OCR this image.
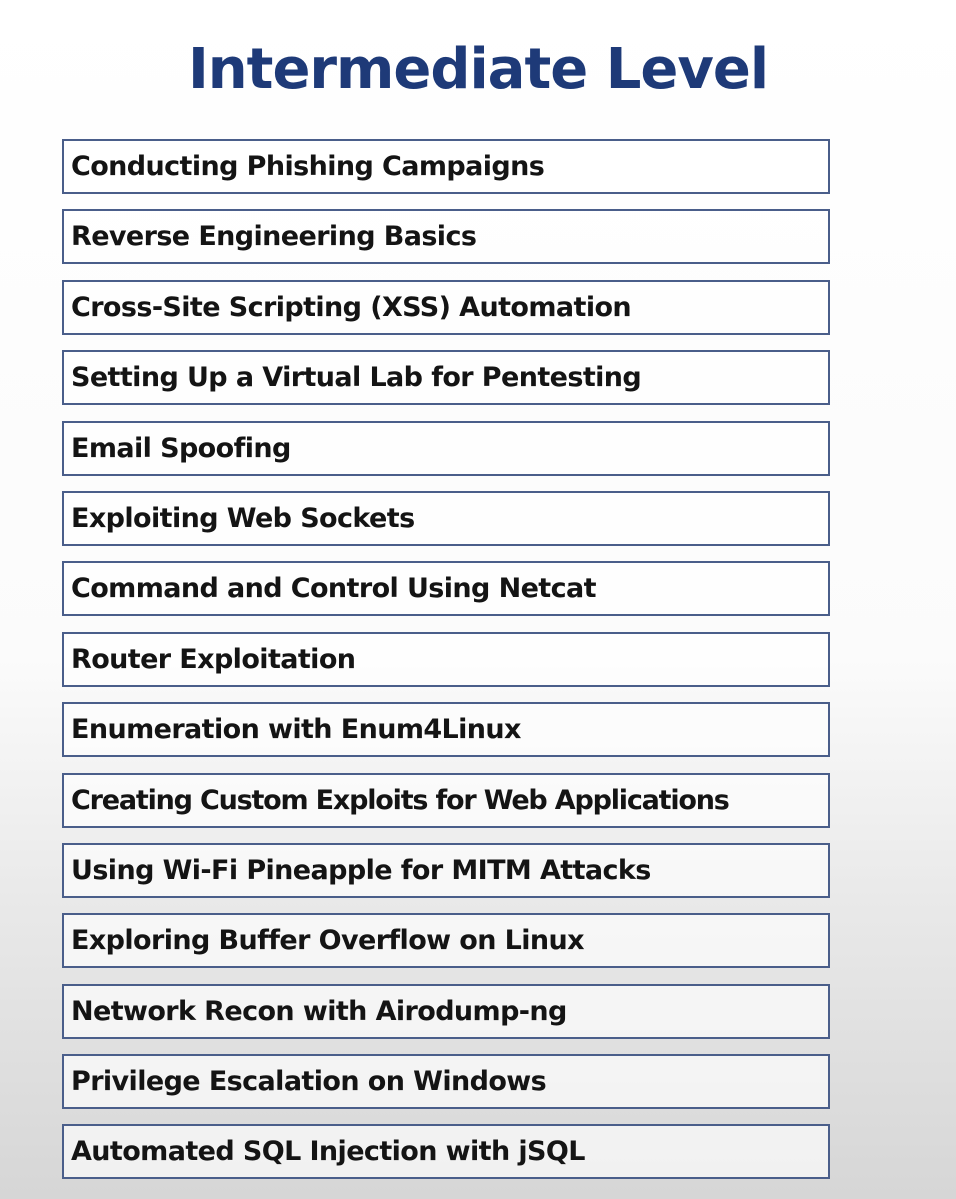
Intermediate Level
Conducting Phishing Campaigns
Reverse Engineering Basics
Cross-Site Scripting (XSS) Automation
Setting Up a Virtual Lab for Pentesting
Email Spoofing
Exploiting Web Sockets
Command and Control Using Netcat
Router Exploitation
Enumeration with Enum4Linux
Creating Custom Exploits for Web Applications
Using Wi-Fi Pineapple for MITM Attacks
Exploring Buffer Overflow on Linux
Network Recon with Airodump-ng
Privilege Escalation on Windows
Automated SQL Injection with jSQL
